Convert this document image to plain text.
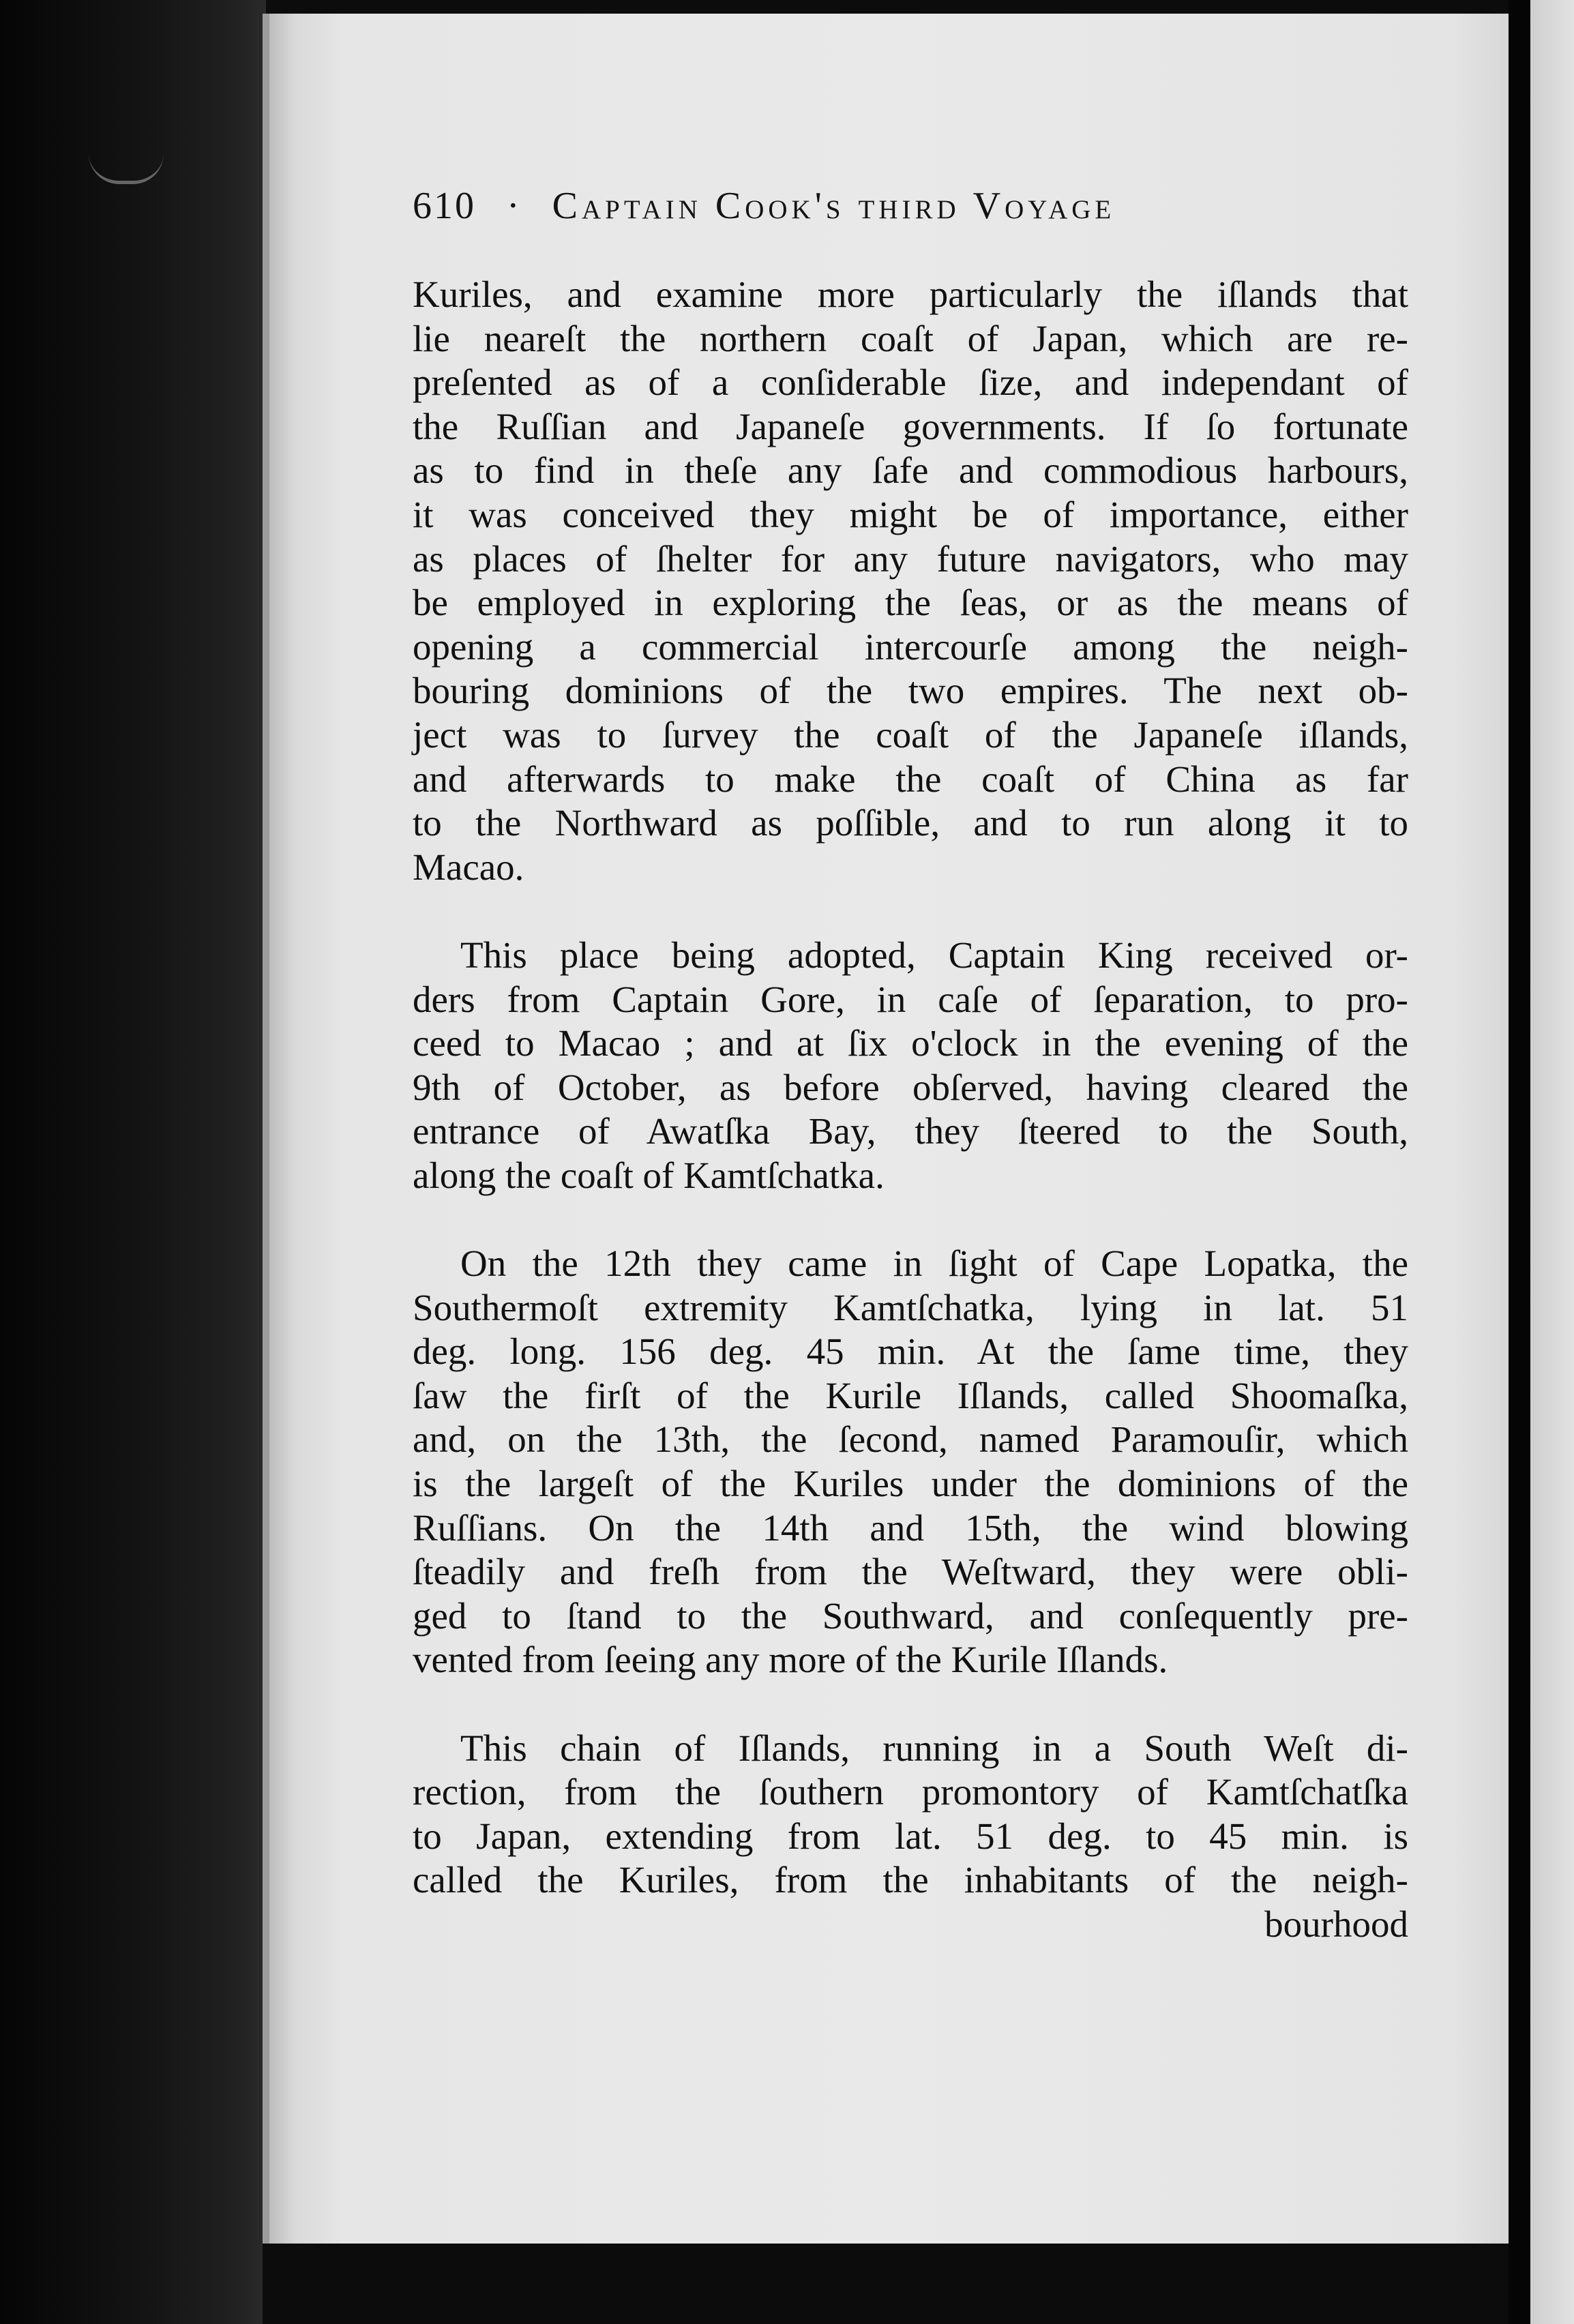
610 · Captain Cook's third Voyage
Kuriles, and examine more particularly the iſlands that
lie neareſt the northern coaſt of Japan, which are re-
preſented as of a conſiderable ſize, and independant of
the Ruſſian and Japaneſe governments. If ſo fortunate
as to find in theſe any ſafe and commodious harbours,
it was conceived they might be of importance, either
as places of ſhelter for any future navigators, who may
be employed in exploring the ſeas, or as the means of
opening a commercial intercourſe among the neigh-
bouring dominions of the two empires. The next ob-
ject was to ſurvey the coaſt of the Japaneſe iſlands,
and afterwards to make the coaſt of China as far
to the Northward as poſſible, and to run along it to
Macao.
This place being adopted, Captain King received or-
ders from Captain Gore, in caſe of ſeparation, to pro-
ceed to Macao ; and at ſix o'clock in the evening of the
9th of October, as before obſerved, having cleared the
entrance of Awatſka Bay, they ſteered to the South,
along the coaſt of Kamtſchatka.
On the 12th they came in ſight of Cape Lopatka, the
Southermoſt extremity Kamtſchatka, lying in lat. 51
deg. long. 156 deg. 45 min. At the ſame time, they
ſaw the firſt of the Kurile Iſlands, called Shoomaſka,
and, on the 13th, the ſecond, named Paramouſir, which
is the largeſt of the Kuriles under the dominions of the
Ruſſians. On the 14th and 15th, the wind blowing
ſteadily and freſh from the Weſtward, they were obli-
ged to ſtand to the Southward, and conſequently pre-
vented from ſeeing any more of the Kurile Iſlands.
This chain of Iſlands, running in a South Weſt di-
rection, from the ſouthern promontory of Kamtſchatſka
to Japan, extending from lat. 51 deg. to 45 min. is
called the Kuriles, from the inhabitants of the neigh-
bourhood
